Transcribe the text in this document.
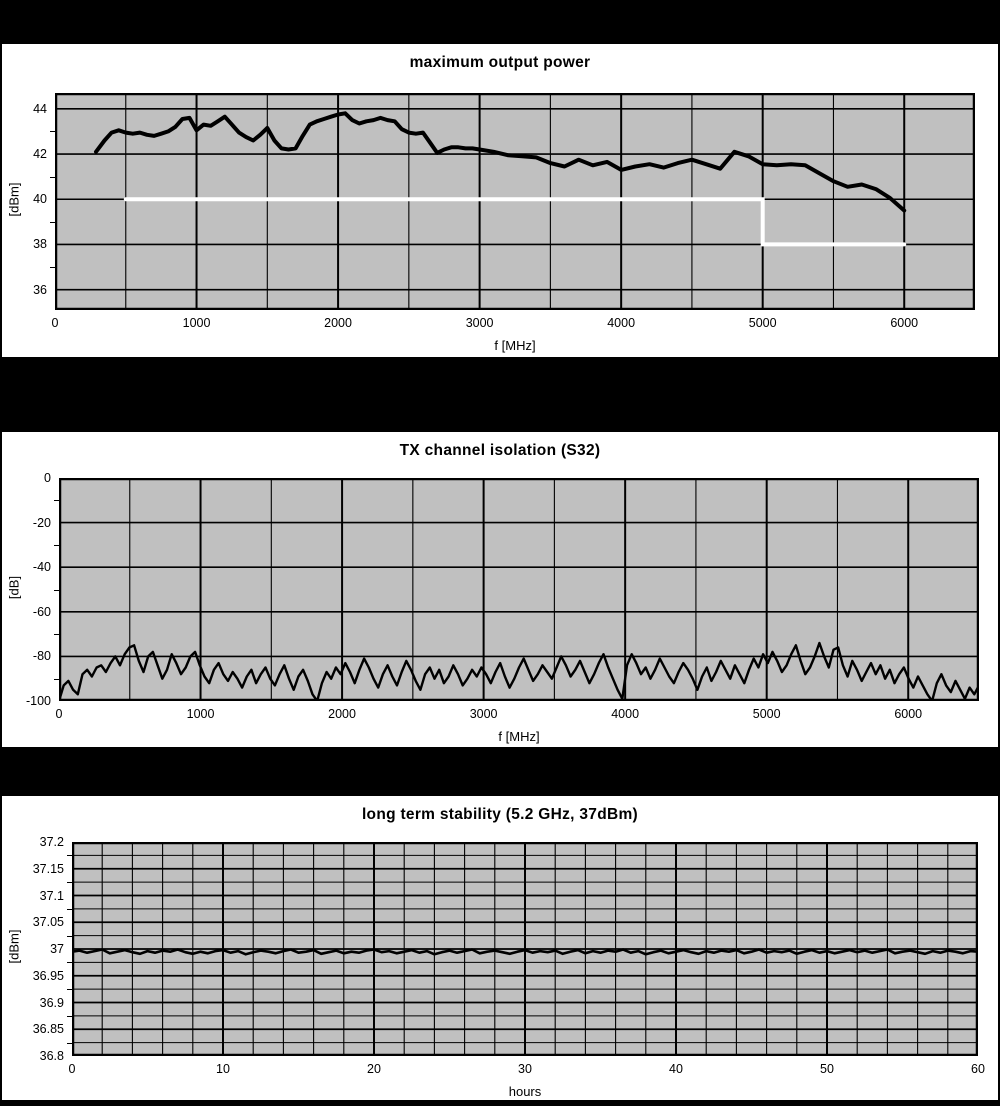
maximum output power
[dBm]
f [MHz]
0	1000	2000	3000	4000	5000	6000
44
42
40
38
36
TX channel isolation (S32)
[dB]
f [MHz]
0	1000	2000	3000	4000	5000	6000
0
-20
-40
-60
-80
-100
long term stability (5.2 GHz, 37dBm)
[dBm]
hours
0	10	20	30	40	50	60
37.2
37.15
37.1
37.05
37
36.95
36.9
36.85
36.8
